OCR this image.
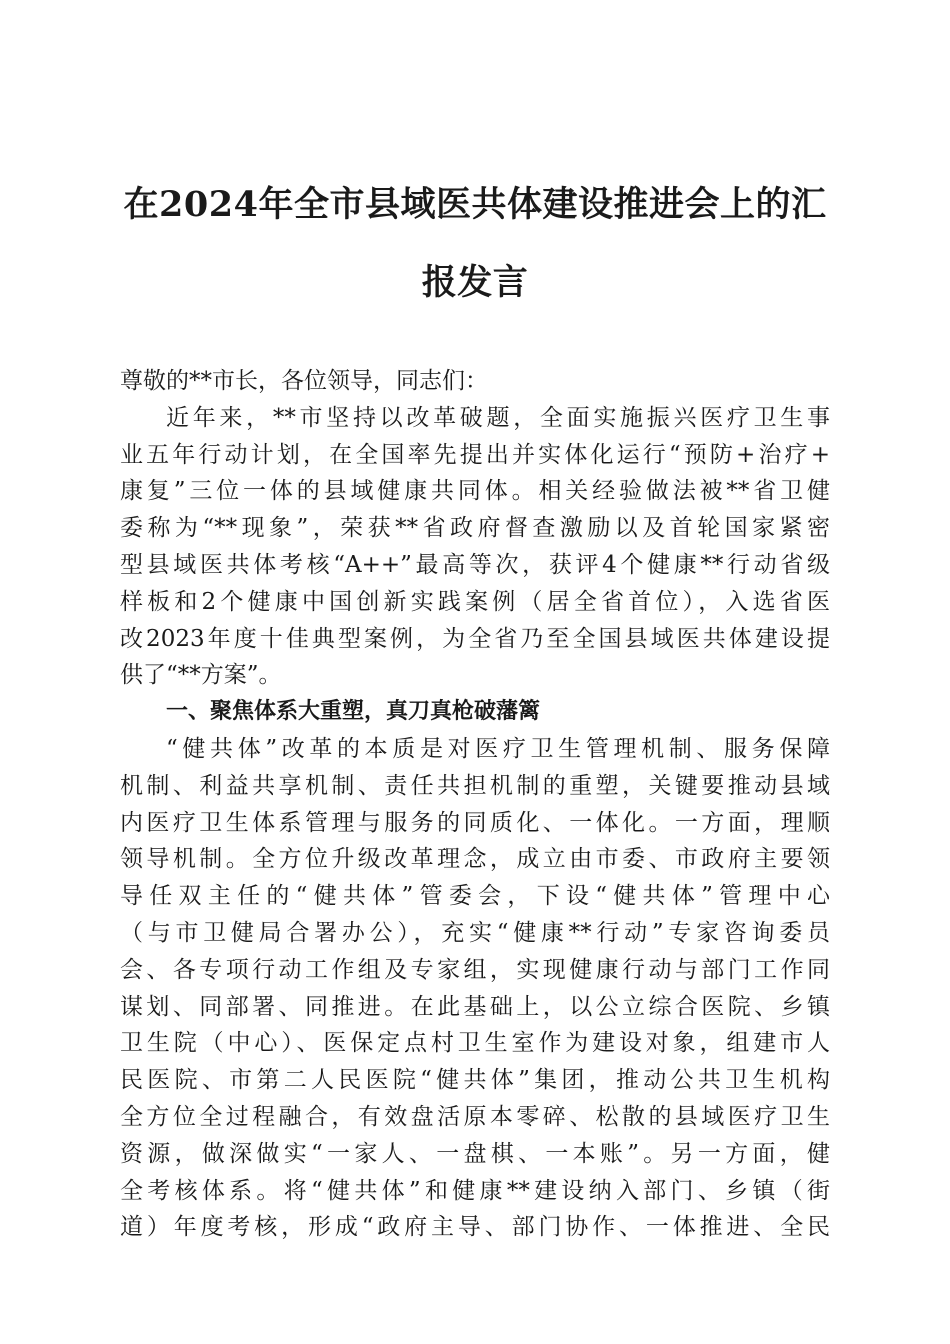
在2024年全市县域医共体建设推进会上的汇
报发言
尊敬的**市长，各位领导，同志们：
近年来，**市坚持以改革破题，全面实施振兴医疗卫生事
业五年行动计划，在全国率先提出并实体化运行“预防+治疗+
康复”三位一体的县域健康共同体。相关经验做法被**省卫健
委称为“**现象”，荣获**省政府督查激励以及首轮国家紧密
型县域医共体考核“A++”最高等次，获评4个健康**行动省级
样板和2个健康中国创新实践案例（居全省首位），入选省医
改2023年度十佳典型案例，为全省乃至全国县域医共体建设提
供了“**方案”。
一、聚焦体系大重塑，真刀真枪破藩篱
“健共体”改革的本质是对医疗卫生管理机制、服务保障
机制、利益共享机制、责任共担机制的重塑，关键要推动县域
内医疗卫生体系管理与服务的同质化、一体化。一方面，理顺
领导机制。全方位升级改革理念，成立由市委、市政府主要领
导任双主任的“健共体”管委会，下设“健共体”管理中心
（与市卫健局合署办公），充实“健康**行动”专家咨询委员
会、各专项行动工作组及专家组，实现健康行动与部门工作同
谋划、同部署、同推进。在此基础上，以公立综合医院、乡镇
卫生院（中心）、医保定点村卫生室作为建设对象，组建市人
民医院、市第二人民医院“健共体”集团，推动公共卫生机构
全方位全过程融合，有效盘活原本零碎、松散的县域医疗卫生
资源，做深做实“一家人、一盘棋、一本账”。另一方面，健
全考核体系。将“健共体”和健康**建设纳入部门、乡镇（街
道）年度考核，形成“政府主导、部门协作、一体推进、全民
